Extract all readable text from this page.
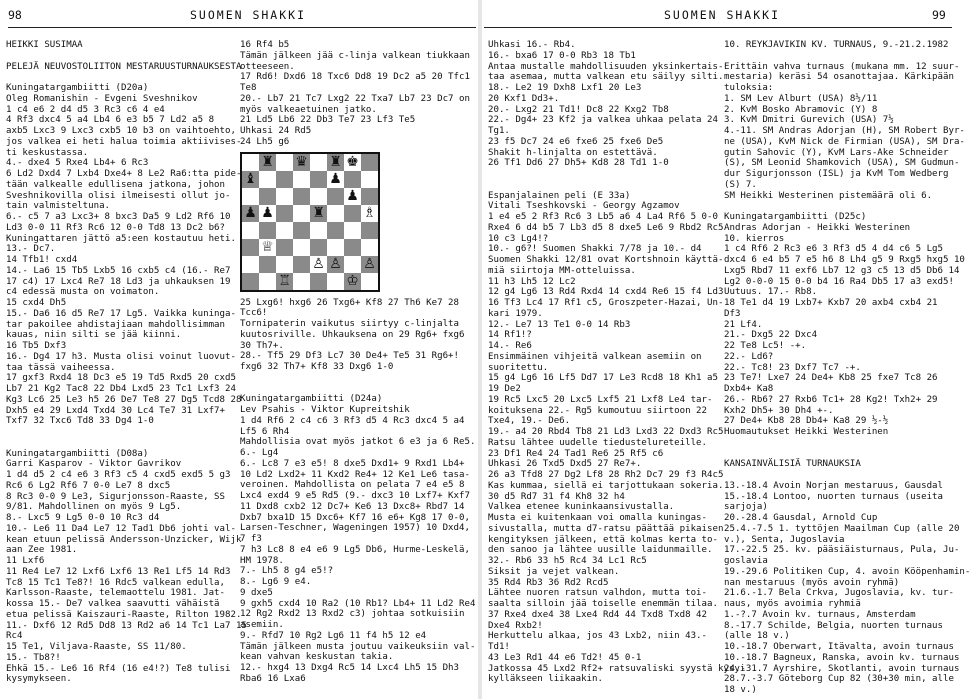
98	SUOMEN SHAKKI
HEIKKI SUSIMAA
PELEJÄ NEUVOSTOLIITON MESTARUUSTURNAUKSESTA
Kuningatargambiitti (D20a)
Oleg Romanishin - Evgeni Sveshnikov
1 c4 e6 2 d4 d5 3 Rc3 c6 4 e4
4 Rf3 dxc4 5 a4 Lb4 6 e3 b5 7 Ld2 a5 8
axb5 Lxc3 9 Lxc3 cxb5 10 b3 on vaihtoehto,
jos valkea ei heti halua toimia aktiivises-
ti keskustassa.
4.- dxe4 5 Rxe4 Lb4+ 6 Rc3
6 Ld2 Dxd4 7 Lxb4 Dxe4+ 8 Le2 Ra6:tta pide-
tään valkealle edullisena jatkona, johon
Sveshnikovilla olisi ilmeisesti ollut jo-
tain valmisteltuna.
6.- c5 7 a3 Lxc3+ 8 bxc3 Da5 9 Ld2 Rf6 10
Ld3 0-0 11 Rf3 Rc6 12 0-0 Td8 13 Dc2 b6?
Kuningattaren jättö a5:een kostautuu heti.
13.- Dc7.
14 Tfb1! cxd4
14.- La6 15 Tb5 Lxb5 16 cxb5 c4 (16.- Re7
17 c4) 17 Lxc4 Re7 18 Ld3 ja uhkauksen 19
c4 edessä musta on voimaton.
15 cxd4 Dh5
15.- Da6 16 d5 Re7 17 Lg5. Vaikka kuninga-
tar pakoilee ahdistajiaan mahdollisimman
kauas, niin silti se jää kiinni.
16 Tb5 Dxf3
16.- Dg4 17 h3. Musta olisi voinut luovut-
taa tässä vaiheessa.
17 gxf3 Rxd4 18 Dc3 e5 19 Td5 Rxd5 20 cxd5
Lb7 21 Kg2 Tac8 22 Db4 Lxd5 23 Tc1 Lxf3 24
Kg3 Lc6 25 Le3 h5 26 De7 Te8 27 Dg5 Tcd8 28
Dxh5 e4 29 Lxd4 Txd4 30 Lc4 Te7 31 Lxf7+
Txf7 32 Txc6 Td8 33 Dg4 1-0
Kuningatargambiitti (D08a)
Garri Kasparov - Viktor Gavrikov
1 d4 d5 2 c4 e6 3 Rf3 c5 4 cxd5 exd5 5 g3
Rc6 6 Lg2 Rf6 7 0-0 Le7 8 dxc5
8 Rc3 0-0 9 Le3, Sigurjonsson-Raaste, SS
9/81. Mahdollinen on myös 9 Lg5.
8.- Lxc5 9 Lg5 0-0 10 Rc3 d4
10.- Le6 11 Da4 Le7 12 Tad1 Db6 johti val-
kean etuun pelissä Andersson-Unzicker, Wijk
aan Zee 1981.
11 Lxf6
11 Re4 Le7 12 Lxf6 Lxf6 13 Re1 Lf5 14 Rd3
Tc8 15 Tc1 Te8?! 16 Rdc5 valkean edulla,
Karlsson-Raaste, telemaottelu 1981. Jat-
kossa 15.- De7 valkea saavutti vähäistä
etua pelissä Kaiszauri-Raaste, Rilton 1982.
11.- Dxf6 12 Rd5 Dd8 13 Rd2 a6 14 Tc1 La7 15
Rc4
15 Te1, Viljava-Raaste, SS 11/80.
15.- Tb8?!
Ehkä 15.- Le6 16 Rf4 (16 e4!?) Te8 tulisi
kysymykseen.
16 Rf4 b5
Tämän jälkeen jää c-linja valkean tiukkaan
otteeseen.
17 Rd6! Dxd6 18 Txc6 Dd8 19 Dc2 a5 20 Tfc1
Te8
20.- Lb7 21 Tc7 Lxg2 22 Txa7 Lb7 23 Dc7 on
myös valkeaetuinen jatko.
21 Ld5 Lb6 22 Db3 Te7 23 Lf3 Te5
Uhkasi 24 Rd5
24 Lh5 g6
	♜		♛		♜	♚	
♝					♟		
						♟	
♟	♟			♜			♗

	♕						
				♙	♙		♙
		♖				♔	
25 Lxg6! hxg6 26 Txg6+ Kf8 27 Th6 Ke7 28
Tcc6!
Tornipaterin vaikutus siirtyy c-linjalta
kuutosriville. Uhkauksena on 29 Rg6+ fxg6
30 Th7+.
28.- Tf5 29 Df3 Lc7 30 De4+ Te5 31 Rg6+!
fxg6 32 Th7+ Kf8 33 Dxg6 1-0
Kuningatargambiitti (D24a)
Lev Psahis - Viktor Kupreitshik
1 d4 Rf6 2 c4 c6 3 Rf3 d5 4 Rc3 dxc4 5 a4
Lf5 6 Rh4
Mahdollisia ovat myös jatkot 6 e3 ja 6 Re5.
6.- Lg4
6.- Lc8 7 e3 e5! 8 dxe5 Dxd1+ 9 Rxd1 Lb4+
10 Ld2 Lxd2+ 11 Kxd2 Re4+ 12 Ke1 Le6 tasa-
veroinen. Mahdollista on pelata 7 e4 e5 8
Lxc4 exd4 9 e5 Rd5 (9.- dxc3 10 Lxf7+ Kxf7
11 Dxd8 cxb2 12 Dc7+ Ke6 13 Dxc8+ Rbd7 14
Dxb7 bxa1D 15 Dxc6+ Kf7 16 e6+ Kg8 17 0-0,
Larsen-Teschner, Wageningen 1957) 10 Dxd4,
7 f3
7 h3 Lc8 8 e4 e6 9 Lg5 Db6, Hurme-Leskelä,
HM 1978.
7.- Lh5 8 g4 e5!?
8.- Lg6 9 e4.
9 dxe5
9 gxh5 cxd4 10 Ra2 (10 Rb1? Lb4+ 11 Ld2 Re4
12 Rg2 Rxd2 13 Rxd2 c3) johtaa sotkuisiin
asemiin.
9.- Rfd7 10 Rg2 Lg6 11 f4 h5 12 e4
Tämän jälkeen musta joutuu vaikeuksiin val-
kean vahvan keskustan takia.
12.- hxg4 13 Dxg4 Rc5 14 Lxc4 Lh5 15 Dh3
Rba6 16 Lxa6
SUOMEN SHAKKI	99
Uhkasi 16.- Rb4.
16.- bxa6 17 0-0 Rb3 18 Tb1
Antaa mustalle mahdollisuuden yksinkertais-
taa asemaa, mutta valkean etu säilyy silti.
18.- Le2 19 Dxh8 Lxf1 20 Le3
20 Kxf1 Dd3+.
20.- Lxg2 21 Td1! Dc8 22 Kxg2 Tb8
22.- Dg4+ 23 Kf2 ja valkea uhkaa pelata 24
Tg1.
23 f5 Dc7 24 e6 fxe6 25 fxe6 De5
Shakit h-linjalta on estettävä.
26 Tf1 Dd6 27 Dh5+ Kd8 28 Td1 1-0
Espanjalainen peli (E 33a)
Vitali Tseshkovski - Georgy Agzamov
1 e4 e5 2 Rf3 Rc6 3 Lb5 a6 4 La4 Rf6 5 0-0
Rxe4 6 d4 b5 7 Lb3 d5 8 dxe5 Le6 9 Rbd2 Rc5
10 c3 Lg4!?
10.- g6?! Suomen Shakki 7/78 ja 10.- d4
Suomen Shakki 12/81 ovat Kortshnoin käyttä-
miä siirtoja MM-otteluissa.
11 h3 Lh5 12 Lc2
12 g4 Lg6 13 Rd4 Rxd4 14 cxd4 Re6 15 f4 Ld3
16 Tf3 Lc4 17 Rf1 c5, Groszpeter-Hazai, Un-
kari 1979.
12.- Le7 13 Te1 0-0 14 Rb3
14 Rf1!?
14.- Re6
Ensimmäinen vihjeitä valkean asemiin on
suoritettu.
15 g4 Lg6 16 Lf5 Dd7 17 Le3 Rcd8 18 Kh1 a5
19 De2
19 Rc5 Lxc5 20 Lxc5 Lxf5 21 Lxf8 Le4 tar-
koituksena 22.- Rg5 kumoutuu siirtoon 22
Txe4, 19.- De6.
19.- a4 20 Rbd4 Tb8 21 Ld3 Lxd3 22 Dxd3 Rc5
Ratsu lähtee uudelle tiedustelureteille.
23 Df1 Re4 24 Tad1 Re6 25 Rf5 c6
Uhkasi 26 Txd5 Dxd5 27 Re7+.
26 a3 Tfd8 27 Dg2 Lf8 28 Rh2 Dc7 29 f3 R4c5
Kas kummaa, siellä ei tarjottukaan sokeria.
30 d5 Rd7 31 f4 Kh8 32 h4
Valkea etenee kuninkaansivustalla.
Musta ei kuitenkaan voi omalla kuningas-
sivustalla, mutta d7-ratsu päättää pikaisen
kengityksen jälkeen, että kolmas kerta to-
den sanoo ja lähtee uusille laidunmaille.
32.- Rb6 33 h5 Rc4 34 Lc1 Rc5
Siksit ja vejet valkean.
35 Rd4 Rb3 36 Rd2 Rcd5
Lähtee nuoren ratsun valhdon, mutta toi-
saalta silloin jää toiselle enemmän tilaa.
37 Rxe4 dxe4 38 Lxe4 Rd4 44 Txd8 Txd8 42
Dxe4 Rxb2!
Herkuttelu alkaa, jos 43 Lxb2, niin 43.-
Td1!
43 Le3 Rd1 44 e6 Td2! 45 0-1
Jatkossa 45 Lxd2 Rf2+ ratsuvaliski syystä kysyi
kylläkseen liikaakin.
10. REYKJAVIKIN KV. TURNAUS, 9.-21.2.1982
Erittäin vahva turnaus (mukana mm. 12 suur-
mestaria) keräsi 54 osanottajaa. Kärkipään
tuloksia:
1. SM Lev Alburt (USA) 8½/11
2. KvM Bosko Abramovic (Y) 8
3. KvM Dmitri Gurevich (USA) 7½
4.-11. SM Andras Adorjan (H), SM Robert Byr-
ne (USA), KvM Nick de Firmian (USA), SM Dra-
gutin Sahovic (Y), KvM Lars-Ake Schneider
(S), SM Leonid Shamkovich (USA), SM Gudmun-
dur Sigurjonsson (ISL) ja KvM Tom Wedberg
(S) 7.
SM Heikki Westerinen pistemäärä oli 6.
Kuningatargambiitti (D25c)
Andras Adorjan - Heikki Westerinen
10. kierros
1 c4 Rf6 2 Rc3 e6 3 Rf3 d5 4 d4 c6 5 Lg5
dxc4 6 e4 b5 7 e5 h6 8 Lh4 g5 9 Rxg5 hxg5 10
Lxg5 Rbd7 11 exf6 Lb7 12 g3 c5 13 d5 Db6 14
Lg2 0-0-0 15 0-0 b4 16 Ra4 Db5 17 a3 exd5!
Uutuus. 17.- Rb8.
18 Te1 d4 19 Lxb7+ Kxb7 20 axb4 cxb4 21
Df3
21 Lf4.
21.- Dxg5 22 Dxc4
22 Te8 Lc5! -+.
22.- Ld6?
22.- Tc8! 23 Dxf7 Tc7 -+.
23 Te7! Lxe7 24 De4+ Kb8 25 fxe7 Tc8 26
Dxb4+ Ka8
26.- Rb6? 27 Rxb6 Tc1+ 28 Kg2! Txh2+ 29
Kxh2 Dh5+ 30 Dh4 +-.
27 De4+ Kb8 28 Db4+ Ka8 29 ½-½
Huomautukset Heikki Westerinen
KANSAINVÄLISIÄ TURNAUKSIA
13.-18.4 Avoin Norjan mestaruus, Gausdal
15.-18.4 Lontoo, nuorten turnaus (useita
sarjoja)
20.-28.4 Gausdal, Arnold Cup
25.4.-7.5 1. tyttöjen Maailman Cup (alle 20
v.), Senta, Jugoslavia
17.-22.5 25. kv. pääsiäisturnaus, Pula, Ju-
goslavia
19.-29.6 Politiken Cup, 4. avoin Kööpenhamin-
nan mestaruus (myös avoin ryhmä)
21.6.-1.7 Bela Crkva, Jugoslavia, kv. tur-
naus, myös avoimia ryhmiä
1.-?.7 Avoin kv. turnaus, Amsterdam
8.-17.7 Schilde, Belgia, nuorten turnaus
(alle 18 v.)
10.-18.7 Oberwart, Itävalta, avoin turnaus
10.-18.7 Bagneux, Ranska, avoin kv. turnaus
24.-31.7 Ayrshire, Skotlanti, avoin turnaus
28.7.-3.7 Göteborg Cup 82 (30+30 min, alle
18 v.)
